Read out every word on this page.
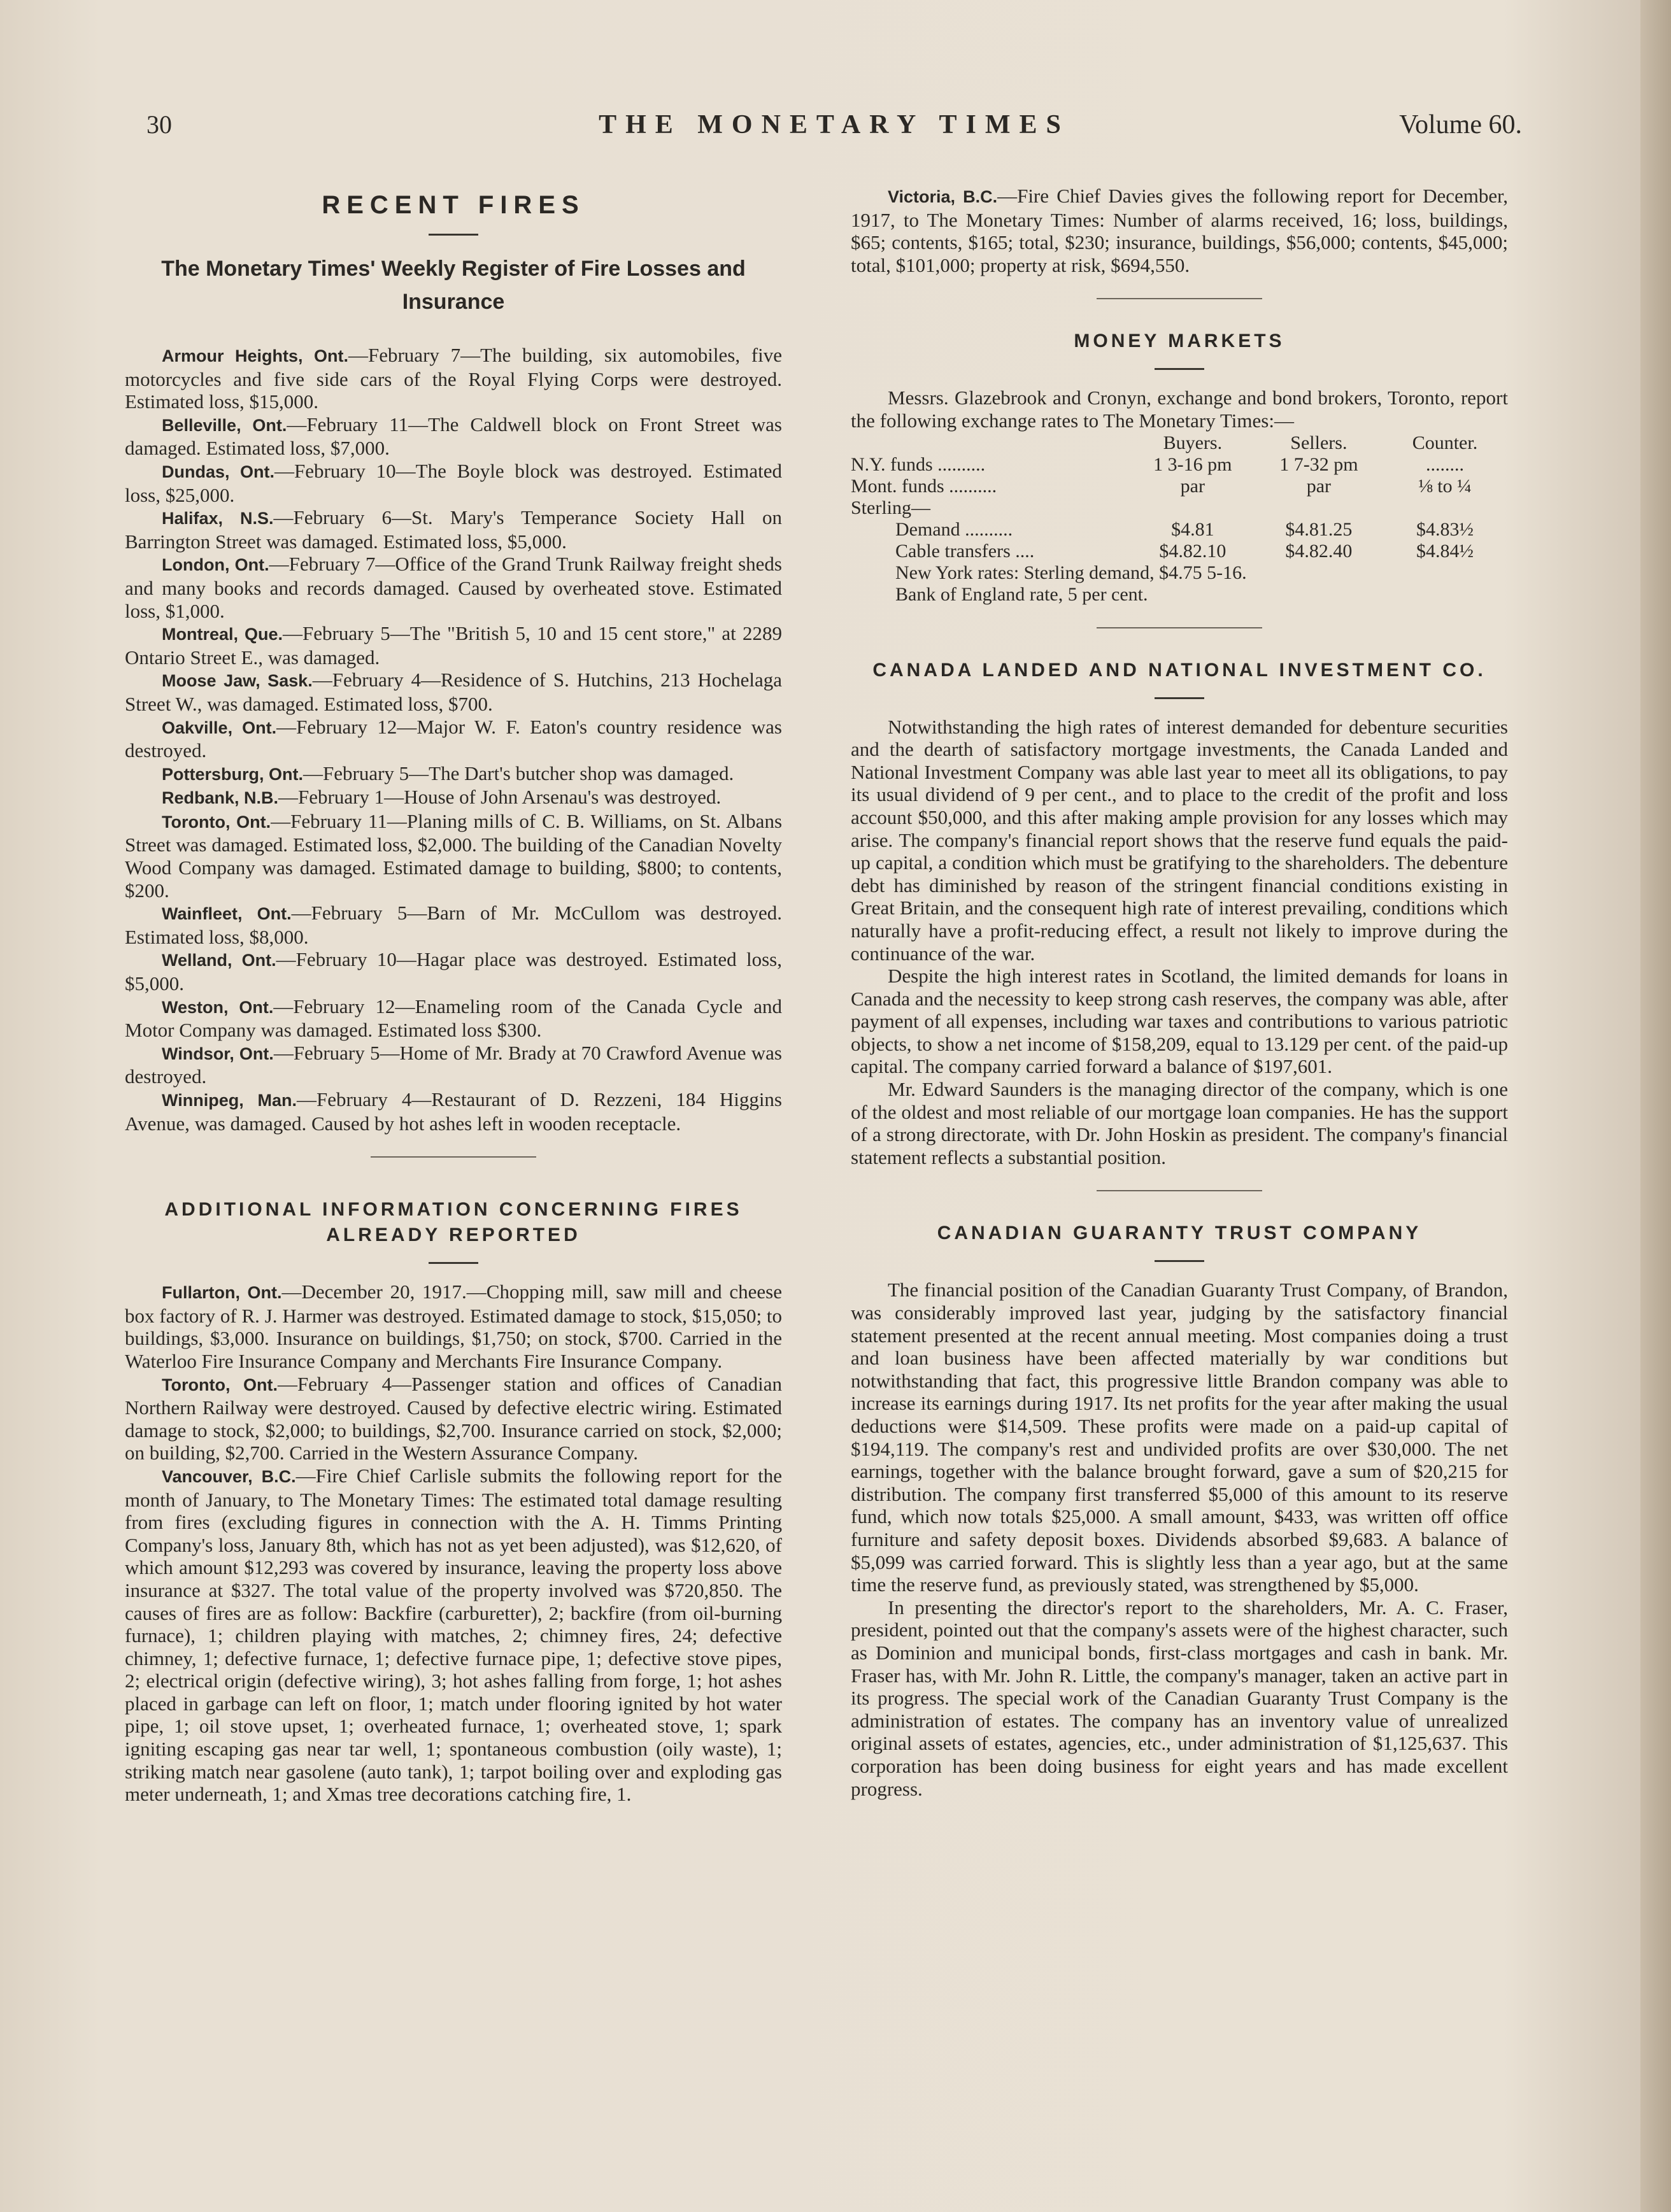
30	THE MONETARY TIMES	Volume 60.
RECENT FIRES
The Monetary Times' Weekly Register of Fire Losses and Insurance

Armour Heights, Ont.—February 7—The building, six automobiles, five motorcycles and five side cars of the Royal Flying Corps were destroyed. Estimated loss, $15,000.

Belleville, Ont.—February 11—The Caldwell block on Front Street was damaged. Estimated loss, $7,000.

Dundas, Ont.—February 10—The Boyle block was destroyed. Estimated loss, $25,000.

Halifax, N.S.—February 6—St. Mary's Temperance Society Hall on Barrington Street was damaged. Estimated loss, $5,000.

London, Ont.—February 7—Office of the Grand Trunk Railway freight sheds and many books and records damaged. Caused by overheated stove. Estimated loss, $1,000.

Montreal, Que.—February 5—The "British 5, 10 and 15 cent store," at 2289 Ontario Street E., was damaged.

Moose Jaw, Sask.—February 4—Residence of S. Hutchins, 213 Hochelaga Street W., was damaged. Estimated loss, $700.

Oakville, Ont.—February 12—Major W. F. Eaton's country residence was destroyed.

Pottersburg, Ont.—February 5—The Dart's butcher shop was damaged.

Redbank, N.B.—February 1—House of John Arsenau's was destroyed.

Toronto, Ont.—February 11—Planing mills of C. B. Williams, on St. Albans Street was damaged. Estimated loss, $2,000. The building of the Canadian Novelty Wood Company was damaged. Estimated damage to building, $800; to contents, $200.

Wainfleet, Ont.—February 5—Barn of Mr. McCullom was destroyed. Estimated loss, $8,000.

Welland, Ont.—February 10—Hagar place was destroyed. Estimated loss, $5,000.

Weston, Ont.—February 12—Enameling room of the Canada Cycle and Motor Company was damaged. Estimated loss $300.

Windsor, Ont.—February 5—Home of Mr. Brady at 70 Crawford Avenue was destroyed.

Winnipeg, Man.—February 4—Restaurant of D. Rezzeni, 184 Higgins Avenue, was damaged. Caused by hot ashes left in wooden receptacle.

ADDITIONAL INFORMATION CONCERNING FIRES ALREADY REPORTED

Fullarton, Ont.—December 20, 1917.—Chopping mill, saw mill and cheese box factory of R. J. Harmer was destroyed. Estimated damage to stock, $15,050; to buildings, $3,000. Insurance on buildings, $1,750; on stock, $700. Carried in the Waterloo Fire Insurance Company and Merchants Fire Insurance Company.

Toronto, Ont.—February 4—Passenger station and offices of Canadian Northern Railway were destroyed. Caused by defective electric wiring. Estimated damage to stock, $2,000; to buildings, $2,700. Insurance carried on stock, $2,000; on building, $2,700. Carried in the Western Assurance Company.

Vancouver, B.C.—Fire Chief Carlisle submits the following report for the month of January, to The Monetary Times: The estimated total damage resulting from fires (excluding figures in connection with the A. H. Timms Printing Company's loss, January 8th, which has not as yet been adjusted), was $12,620, of which amount $12,293 was covered by insurance, leaving the property loss above insurance at $327. The total value of the property involved was $720,850. The causes of fires are as follow: Backfire (carburetter), 2; backfire (from oil-burning furnace), 1; children playing with matches, 2; chimney fires, 24; defective chimney, 1; defective furnace, 1; defective furnace pipe, 1; defective stove pipes, 2; electrical origin (defective wiring), 3; hot ashes falling from forge, 1; hot ashes placed in garbage can left on floor, 1; match under flooring ignited by hot water pipe, 1; oil stove upset, 1; overheated furnace, 1; overheated stove, 1; spark igniting escaping gas near tar well, 1; spontaneous combustion (oily waste), 1; striking match near gasolene (auto tank), 1; tarpot boiling over and exploding gas meter underneath, 1; and Xmas tree decorations catching fire, 1.

Victoria, B.C.—Fire Chief Davies gives the following report for December, 1917, to The Monetary Times: Number of alarms received, 16; loss, buildings, $65; contents, $165; total, $230; insurance, buildings, $56,000; contents, $45,000; total, $101,000; property at risk, $694,550.

MONEY MARKETS

Messrs. Glazebrook and Cronyn, exchange and bond brokers, Toronto, report the following exchange rates to The Monetary Times:—

	Buyers.	Sellers.	Counter.
N.Y. funds ..........	1 3-16 pm	1 7-32 pm	........
Mont. funds ..........	par	par	⅛ to ¼
Sterling—			
Demand ..........	$4.81	$4.81.25	$4.83½
Cable transfers ....	$4.82.10	$4.82.40	$4.84½

New York rates: Sterling demand, $4.75 5-16.

Bank of England rate, 5 per cent.

CANADA LANDED AND NATIONAL INVESTMENT CO.

Notwithstanding the high rates of interest demanded for debenture securities and the dearth of satisfactory mortgage investments, the Canada Landed and National Investment Company was able last year to meet all its obligations, to pay its usual dividend of 9 per cent., and to place to the credit of the profit and loss account $50,000, and this after making ample provision for any losses which may arise. The company's financial report shows that the reserve fund equals the paid-up capital, a condition which must be gratifying to the shareholders. The debenture debt has diminished by reason of the stringent financial conditions existing in Great Britain, and the consequent high rate of interest prevailing, conditions which naturally have a profit-reducing effect, a result not likely to improve during the continuance of the war.

Despite the high interest rates in Scotland, the limited demands for loans in Canada and the necessity to keep strong cash reserves, the company was able, after payment of all expenses, including war taxes and contributions to various patriotic objects, to show a net income of $158,209, equal to 13.129 per cent. of the paid-up capital. The company carried forward a balance of $197,601.

Mr. Edward Saunders is the managing director of the company, which is one of the oldest and most reliable of our mortgage loan companies. He has the support of a strong directorate, with Dr. John Hoskin as president. The company's financial statement reflects a substantial position.

CANADIAN GUARANTY TRUST COMPANY

The financial position of the Canadian Guaranty Trust Company, of Brandon, was considerably improved last year, judging by the satisfactory financial statement presented at the recent annual meeting. Most companies doing a trust and loan business have been affected materially by war conditions but notwithstanding that fact, this progressive little Brandon company was able to increase its earnings during 1917. Its net profits for the year after making the usual deductions were $14,509. These profits were made on a paid-up capital of $194,119. The company's rest and undivided profits are over $30,000. The net earnings, together with the balance brought forward, gave a sum of $20,215 for distribution. The company first transferred $5,000 of this amount to its reserve fund, which now totals $25,000. A small amount, $433, was written off office furniture and safety deposit boxes. Dividends absorbed $9,683. A balance of $5,099 was carried forward. This is slightly less than a year ago, but at the same time the reserve fund, as previously stated, was strengthened by $5,000.

In presenting the director's report to the shareholders, Mr. A. C. Fraser, president, pointed out that the company's assets were of the highest character, such as Dominion and municipal bonds, first-class mortgages and cash in bank. Mr. Fraser has, with Mr. John R. Little, the company's manager, taken an active part in its progress. The special work of the Canadian Guaranty Trust Company is the administration of estates. The company has an inventory value of unrealized original assets of estates, agencies, etc., under administration of $1,125,637. This corporation has been doing business for eight years and has made excellent progress.
